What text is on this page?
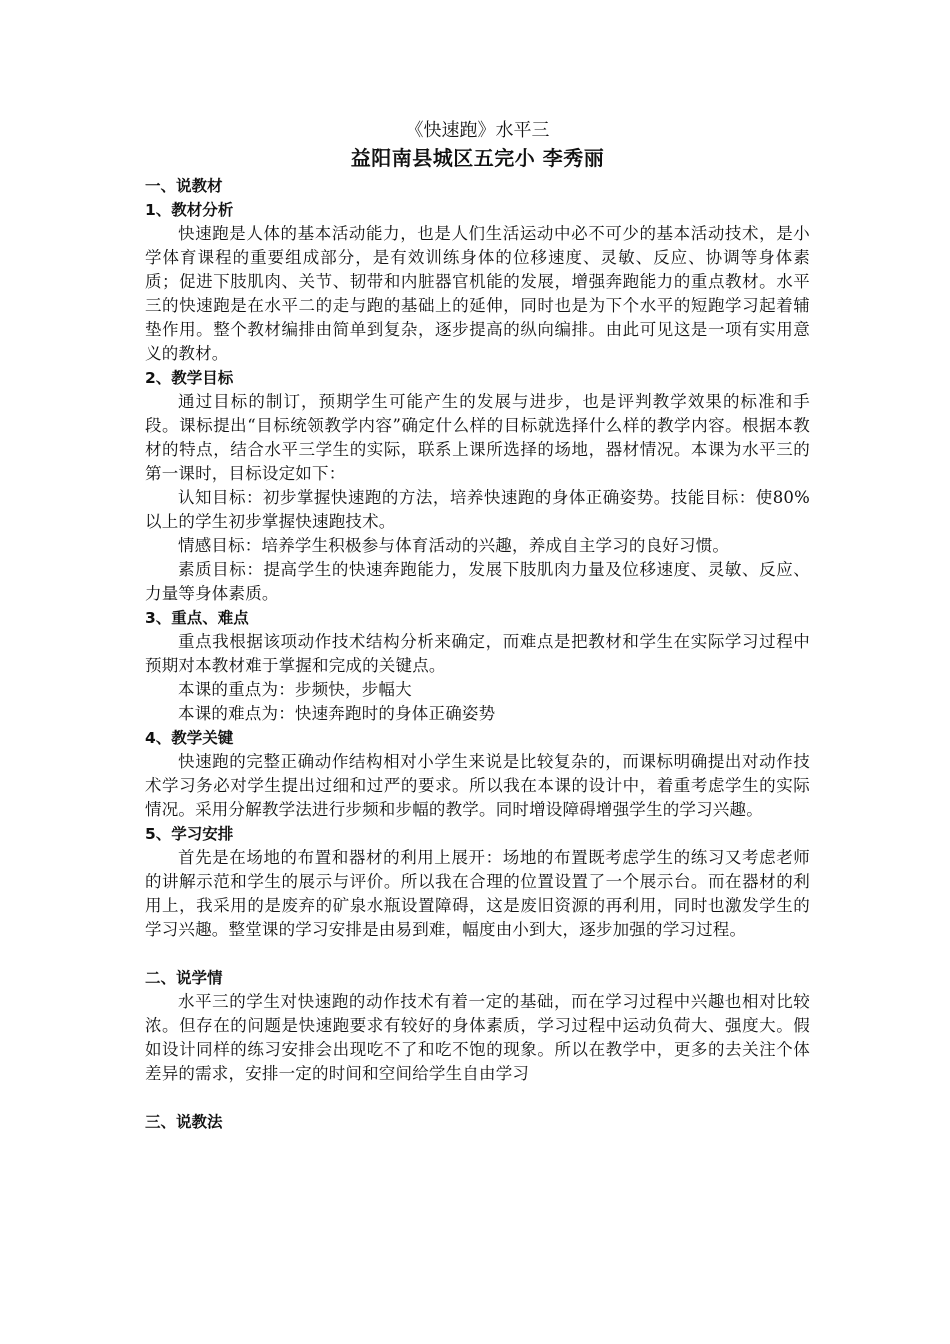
《快速跑》水平三
益阳南县城区五完小 李秀丽
一、说教材
1、教材分析

快速跑是人体的基本活动能力，也是人们生活运动中必不可少的基本活动技术，是小学体育课程的重要组成部分，是有效训练身体的位移速度、灵敏、反应、协调等身体素质；促进下肢肌肉、关节、韧带和内脏器官机能的发展，增强奔跑能力的重点教材。水平三的快速跑是在水平二的走与跑的基础上的延伸，同时也是为下个水平的短跑学习起着辅垫作用。整个教材编排由简单到复杂，逐步提高的纵向编排。由此可见这是一项有实用意义的教材。

2、教学目标

通过目标的制订，预期学生可能产生的发展与进步，也是评判教学效果的标准和手段。课标提出“目标统领教学内容”确定什么样的目标就选择什么样的教学内容。根据本教材的特点，结合水平三学生的实际，联系上课所选择的场地，器材情况。本课为水平三的第一课时，目标设定如下：

认知目标：初步掌握快速跑的方法，培养快速跑的身体正确姿势。技能目标：使80%以上的学生初步掌握快速跑技术。

情感目标：培养学生积极参与体育活动的兴趣，养成自主学习的良好习惯。

素质目标：提高学生的快速奔跑能力，发展下肢肌肉力量及位移速度、灵敏、反应、力量等身体素质。

3、重点、难点

重点我根据该项动作技术结构分析来确定，而难点是把教材和学生在实际学习过程中预期对本教材难于掌握和完成的关键点。

本课的重点为：步频快，步幅大

本课的难点为：快速奔跑时的身体正确姿势

4、教学关键

快速跑的完整正确动作结构相对小学生来说是比较复杂的，而课标明确提出对动作技术学习务必对学生提出过细和过严的要求。所以我在本课的设计中，着重考虑学生的实际情况。采用分解教学法进行步频和步幅的教学。同时增设障碍增强学生的学习兴趣。

5、学习安排

首先是在场地的布置和器材的利用上展开：场地的布置既考虑学生的练习又考虑老师的讲解示范和学生的展示与评价。所以我在合理的位置设置了一个展示台。而在器材的利用上，我采用的是废弃的矿泉水瓶设置障碍，这是废旧资源的再利用，同时也激发学生的学习兴趣。整堂课的学习安排是由易到难，幅度由小到大，逐步加强的学习过程。

二、说学情

水平三的学生对快速跑的动作技术有着一定的基础，而在学习过程中兴趣也相对比较浓。但存在的问题是快速跑要求有较好的身体素质，学习过程中运动负荷大、强度大。假如设计同样的练习安排会出现吃不了和吃不饱的现象。所以在教学中，更多的去关注个体差异的需求，安排一定的时间和空间给学生自由学习

三、说教法
